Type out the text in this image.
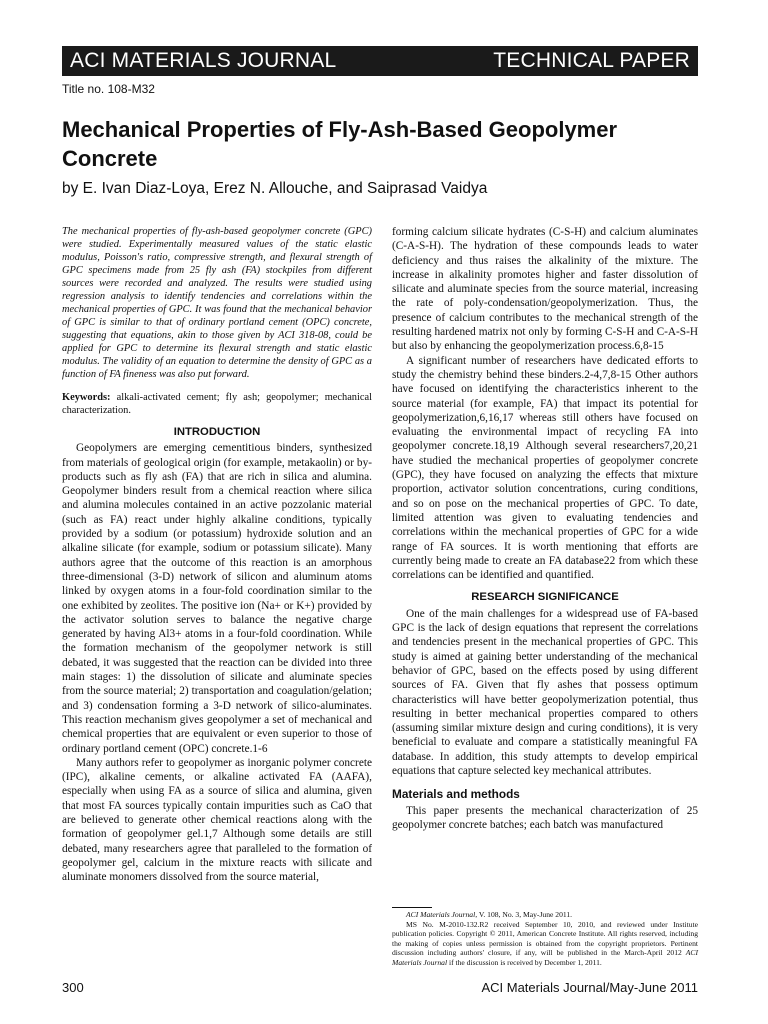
ACI MATERIALS JOURNAL	TECHNICAL PAPER
Title no. 108-M32
Mechanical Properties of Fly-Ash-Based Geopolymer Concrete
by E. Ivan Diaz-Loya, Erez N. Allouche, and Saiprasad Vaidya

The mechanical properties of fly-ash-based geopolymer concrete (GPC) were studied. Experimentally measured values of the static elastic modulus, Poisson's ratio, compressive strength, and flexural strength of GPC specimens made from 25 fly ash (FA) stockpiles from different sources were recorded and analyzed. The results were studied using regression analysis to identify tendencies and correlations within the mechanical properties of GPC. It was found that the mechanical behavior of GPC is similar to that of ordinary portland cement (OPC) concrete, suggesting that equations, akin to those given by ACI 318-08, could be applied for GPC to determine its flexural strength and static elastic modulus. The validity of an equation to determine the density of GPC as a function of FA fineness was also put forward.

Keywords: alkali-activated cement; fly ash; geopolymer; mechanical characterization.

INTRODUCTION

Geopolymers are emerging cementitious binders, synthesized from materials of geological origin (for example, metakaolin) or by-products such as fly ash (FA) that are rich in silica and alumina. Geopolymer binders result from a chemical reaction where silica and alumina molecules contained in an active pozzolanic material (such as FA) react under highly alkaline conditions, typically provided by a sodium (or potassium) hydroxide solution and an alkaline silicate (for example, sodium or potassium silicate). Many authors agree that the outcome of this reaction is an amorphous three-dimensional (3-D) network of silicon and aluminum atoms linked by oxygen atoms in a four-fold coordination similar to the one exhibited by zeolites. The positive ion (Na+ or K+) provided by the activator solution serves to balance the negative charge generated by having Al3+ atoms in a four-fold coordination. While the formation mechanism of the geopolymer network is still debated, it was suggested that the reaction can be divided into three main stages: 1) the dissolution of silicate and aluminate species from the source material; 2) transportation and coagulation/gelation; and 3) condensation forming a 3-D network of silico-aluminates. This reaction mechanism gives geopolymer a set of mechanical and chemical properties that are equivalent or even superior to those of ordinary portland cement (OPC) concrete.1-6

Many authors refer to geopolymer as inorganic polymer concrete (IPC), alkaline cements, or alkaline activated FA (AAFA), especially when using FA as a source of silica and alumina, given that most FA sources typically contain impurities such as CaO that are believed to generate other chemical reactions along with the formation of geopolymer gel.1,7 Although some details are still debated, many researchers agree that paralleled to the formation of geopolymer gel, calcium in the mixture reacts with silicate and aluminate monomers dissolved from the source material,

forming calcium silicate hydrates (C-S-H) and calcium aluminates (C-A-S-H). The hydration of these compounds leads to water deficiency and thus raises the alkalinity of the mixture. The increase in alkalinity promotes higher and faster dissolution of silicate and aluminate species from the source material, increasing the rate of poly-condensation/geopolymerization. Thus, the presence of calcium contributes to the mechanical strength of the resulting hardened matrix not only by forming C-S-H and C-A-S-H but also by enhancing the geopolymerization process.6,8-15

A significant number of researchers have dedicated efforts to study the chemistry behind these binders.2-4,7,8-15 Other authors have focused on identifying the characteristics inherent to the source material (for example, FA) that impact its potential for geopolymerization,6,16,17 whereas still others have focused on evaluating the environmental impact of recycling FA into geopolymer concrete.18,19 Although several researchers7,20,21 have studied the mechanical properties of geopolymer concrete (GPC), they have focused on analyzing the effects that mixture proportion, activator solution concentrations, curing conditions, and so on pose on the mechanical properties of GPC. To date, limited attention was given to evaluating tendencies and correlations within the mechanical properties of GPC for a wide range of FA sources. It is worth mentioning that efforts are currently being made to create an FA database22 from which these correlations can be identified and quantified.

RESEARCH SIGNIFICANCE

One of the main challenges for a widespread use of FA-based GPC is the lack of design equations that represent the correlations and tendencies present in the mechanical properties of GPC. This study is aimed at gaining better understanding of the mechanical behavior of GPC, based on the effects posed by using different sources of FA. Given that fly ashes that possess optimum characteristics will have better geopolymerization potential, thus resulting in better mechanical properties compared to others (assuming similar mixture design and curing conditions), it is very beneficial to evaluate and compare a statistically meaningful FA database. In addition, this study attempts to develop empirical equations that capture selected key mechanical attributes.

Materials and methods

This paper presents the mechanical characterization of 25 geopolymer concrete batches; each batch was manufactured

ACI Materials Journal, V. 108, No. 3, May-June 2011.

MS No. M-2010-132.R2 received September 10, 2010, and reviewed under Institute publication policies. Copyright © 2011, American Concrete Institute. All rights reserved, including the making of copies unless permission is obtained from the copyright proprietors. Pertinent discussion including authors' closure, if any, will be published in the March-April 2012 ACI Materials Journal if the discussion is received by December 1, 2011.

300	ACI Materials Journal/May-June 2011
